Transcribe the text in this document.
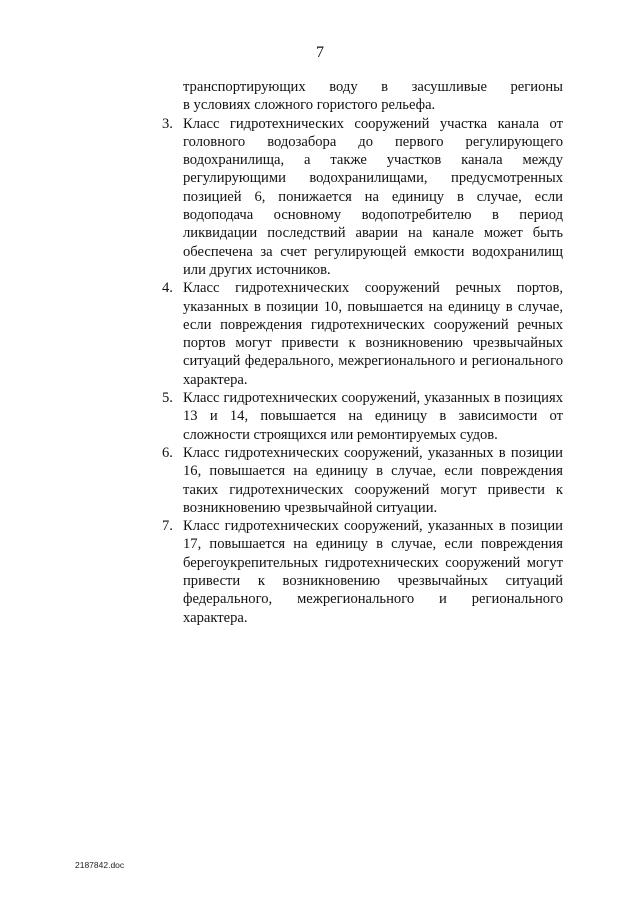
7
транспортирующих воду в засушливые регионы
в условиях сложного гористого рельефа.
3. Класс гидротехнических сооружений участка канала от головного водозабора до первого регулирующего водохранилища, а также участков канала между регулирующими водохранилищами, предусмотренных позицией 6, понижается на единицу в случае, если водоподача основному водопотребителю в период ликвидации последствий аварии на канале может быть обеспечена за счет регулирующей емкости водохранилищ или других источников.
4. Класс гидротехнических сооружений речных портов, указанных в позиции 10, повышается на единицу в случае, если повреждения гидротехнических сооружений речных портов могут привести к возникновению чрезвычайных ситуаций федерального, межрегионального и регионального характера.
5. Класс гидротехнических сооружений, указанных в позициях 13 и 14, повышается на единицу в зависимости от сложности строящихся или ремонтируемых судов.
6. Класс гидротехнических сооружений, указанных в позиции 16, повышается на единицу в случае, если повреждения таких гидротехнических сооружений могут привести к возникновению чрезвычайной ситуации.
7. Класс гидротехнических сооружений, указанных в позиции 17, повышается на единицу в случае, если повреждения берегоукрепительных гидротехнических сооружений могут привести к возникновению чрезвычайных ситуаций федерального, межрегионального и регионального характера.
2187842.doc
